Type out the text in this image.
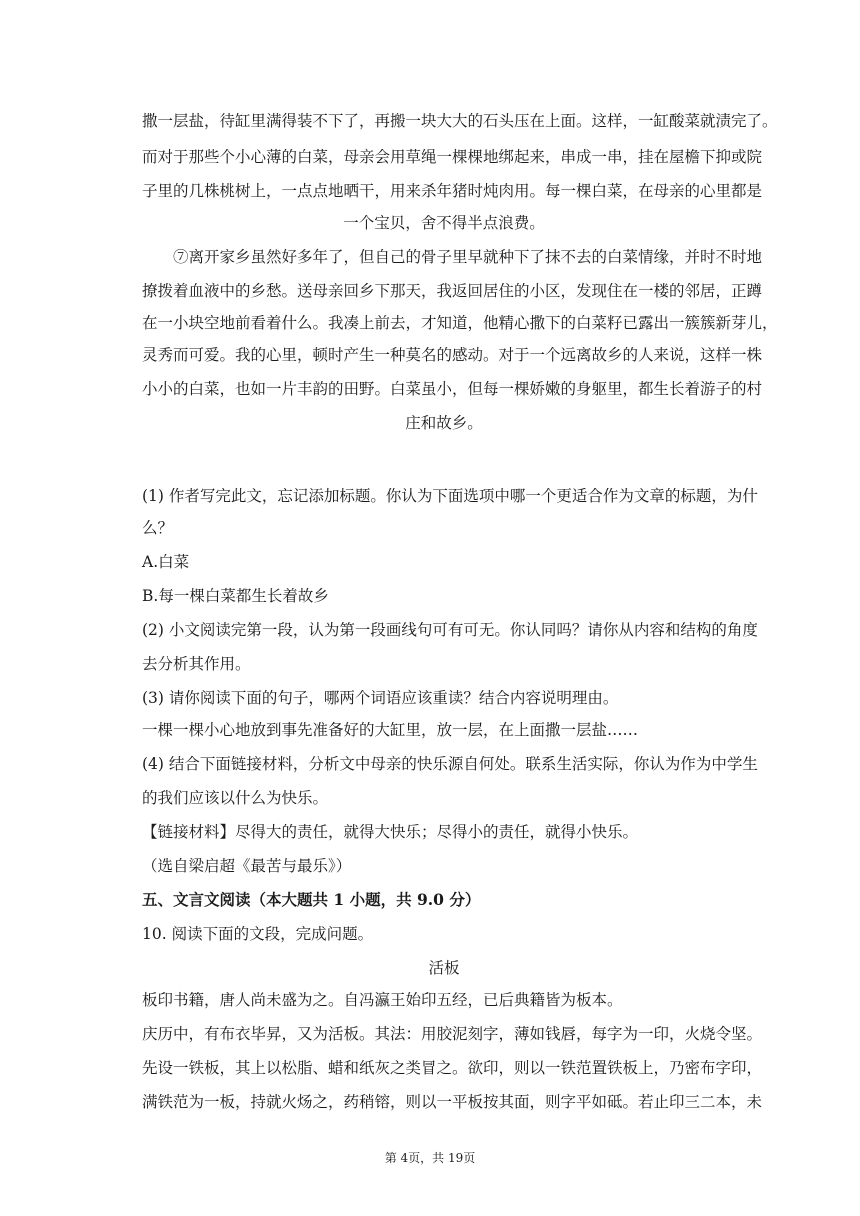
撒一层盐，待缸里满得装不下了，再搬一块大大的石头压在上面。这样，一缸酸菜就渍完了。
而对于那些个小心薄的白菜，母亲会用草绳一棵棵地绑起来，串成一串，挂在屋檐下抑或院
子里的几株桃树上，一点点地晒干，用来杀年猪时炖肉用。每一棵白菜，在母亲的心里都是
一个宝贝，舍不得半点浪费。
⑦离开家乡虽然好多年了，但自己的骨子里早就种下了抹不去的白菜情缘，并时不时地
撩拨着血液中的乡愁。送母亲回乡下那天，我返回居住的小区，发现住在一楼的邻居，正蹲
在一小块空地前看着什么。我凑上前去，才知道，他精心撒下的白菜籽已露出一簇簇新芽儿，
灵秀而可爱。我的心里，顿时产生一种莫名的感动。对于一个远离故乡的人来说，这样一株
小小的白菜，也如一片丰韵的田野。白菜虽小，但每一棵娇嫩的身躯里，都生长着游子的村
庄和故乡。
(1) 作者写完此文，忘记添加标题。你认为下面选项中哪一个更适合作为文章的标题，为什
么？
A.白菜
B.每一棵白菜都生长着故乡
(2) 小文阅读完第一段，认为第一段画线句可有可无。你认同吗？请你从内容和结构的角度
去分析其作用。
(3) 请你阅读下面的句子，哪两个词语应该重读？结合内容说明理由。
一棵一棵小心地放到事先准备好的大缸里，放一层，在上面撒一层盐……
(4) 结合下面链接材料，分析文中母亲的快乐源自何处。联系生活实际，你认为作为中学生
的我们应该以什么为快乐。
【链接材料】尽得大的责任，就得大快乐；尽得小的责任，就得小快乐。
（选自梁启超《最苦与最乐》）
五、文言文阅读（本大题共 1 小题，共 9.0 分）
10. 阅读下面的文段，完成问题。
活板
板印书籍，唐人尚未盛为之。自冯瀛王始印五经，已后典籍皆为板本。
庆历中，有布衣毕昇，又为活板。其法：用胶泥刻字，薄如钱唇，每字为一印，火烧令坚。
先设一铁板，其上以松脂、蜡和纸灰之类冒之。欲印，则以一铁范置铁板上，乃密布字印，
满铁范为一板，持就火炀之，药稍镕，则以一平板按其面，则字平如砥。若止印三二本，未
第 4页，共 19页
